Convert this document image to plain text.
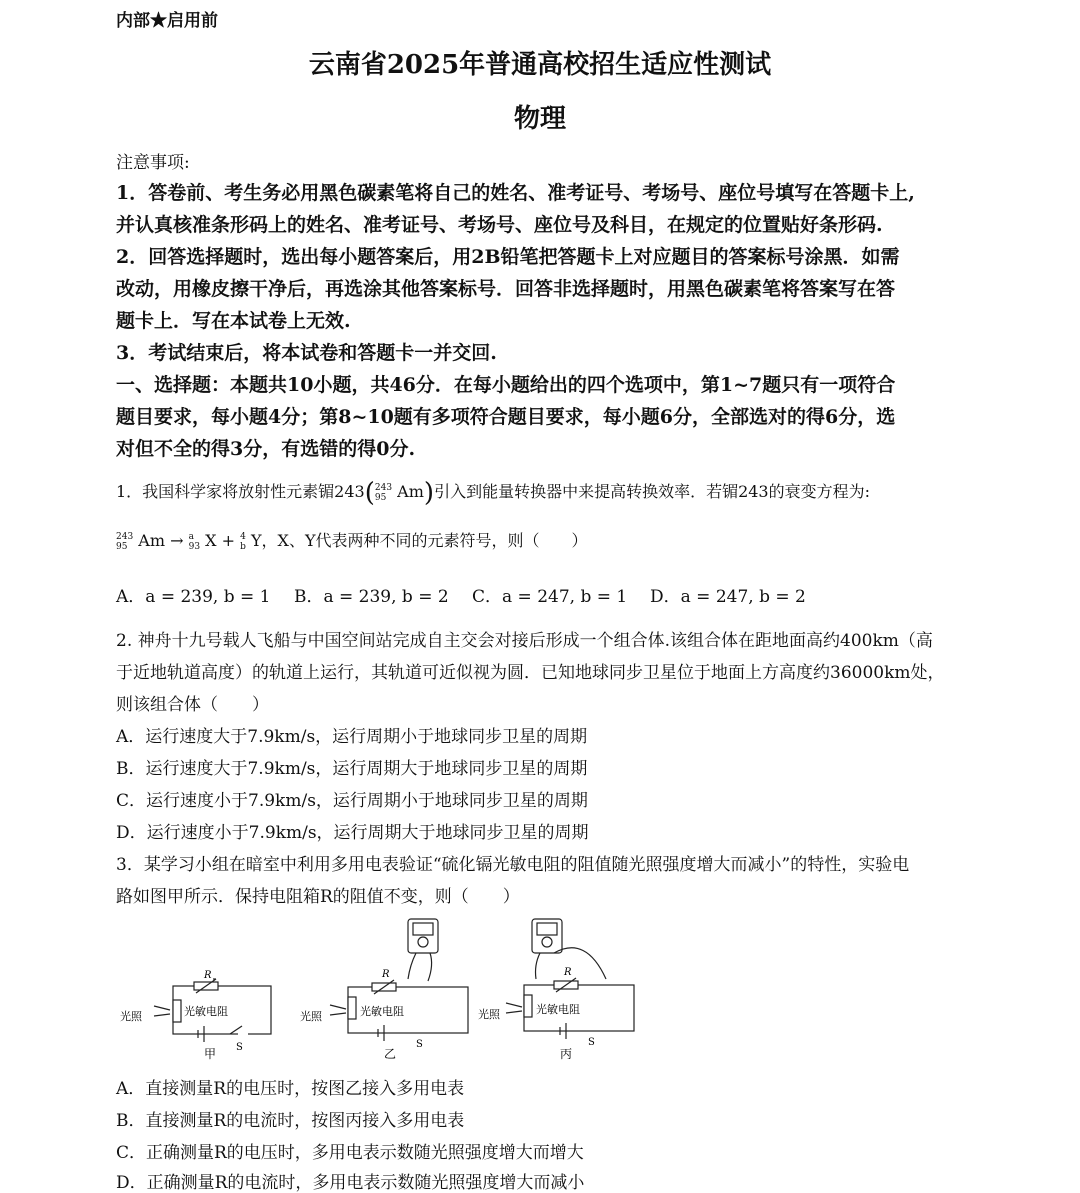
内部★启用前
云南省2025年普通高校招生适应性测试
物理
注意事项:
1．答卷前、考生务必用黑色碳素笔将自己的姓名、准考证号、考场号、座位号填写在答题卡上,
并认真核准条形码上的姓名、准考证号、考场号、座位号及科目，在规定的位置贴好条形码.
2．回答选择题时，选出每小题答案后，用2B铅笔把答题卡上对应题目的答案标号涂黑．如需
改动，用橡皮擦干净后，再选涂其他答案标号．回答非选择题时，用黑色碳素笔将答案写在答
题卡上．写在本试卷上无效.
3．考试结束后，将本试卷和答题卡一并交回.
一、选择题：本题共10小题，共46分．在每小题给出的四个选项中，第1~7题只有一项符合
题目要求，每小题4分；第8~10题有多项符合题目要求，每小题6分，全部选对的得6分，选
对但不全的得3分，有选错的得0分.
1．我国科学家将放射性元素镅243( 243
95 Am)引入到能量转换器中来提高转换效率．若镅243的衰变方程为:
243
95 Am → a
93 X + 4
b Y，X、Y代表两种不同的元素符号，则（　　）
A．a = 239, b = 1 B．a = 239, b = 2 C．a = 247, b = 1 D．a = 247, b = 2
2. 神舟十九号载人飞船与中国空间站完成自主交会对接后形成一个组合体.该组合体在距地面高约400km（高
于近地轨道高度）的轨道上运行，其轨道可近似视为圆．已知地球同步卫星位于地面上方高度约36000km处，
则该组合体（　　）
A．运行速度大于7.9km/s，运行周期小于地球同步卫星的周期
B．运行速度大于7.9km/s，运行周期大于地球同步卫星的周期
C．运行速度小于7.9km/s，运行周期小于地球同步卫星的周期
D．运行速度小于7.9km/s，运行周期大于地球同步卫星的周期
3．某学习小组在暗室中利用多用电表验证“硫化镉光敏电阻的阻值随光照强度增大而减小”的特性，实验电
路如图甲所示．保持电阻箱R的阻值不变，则（　　）
光照	光敏电阻
R
S
甲
光照	光敏电阻
R
S
乙
光照	光敏电阻
R
S
丙
A．直接测量R的电压时，按图乙接入多用电表
B．直接测量R的电流时，按图丙接入多用电表
C．正确测量R的电压时，多用电表示数随光照强度增大而增大
D．正确测量R的电流时，多用电表示数随光照强度增大而减小
